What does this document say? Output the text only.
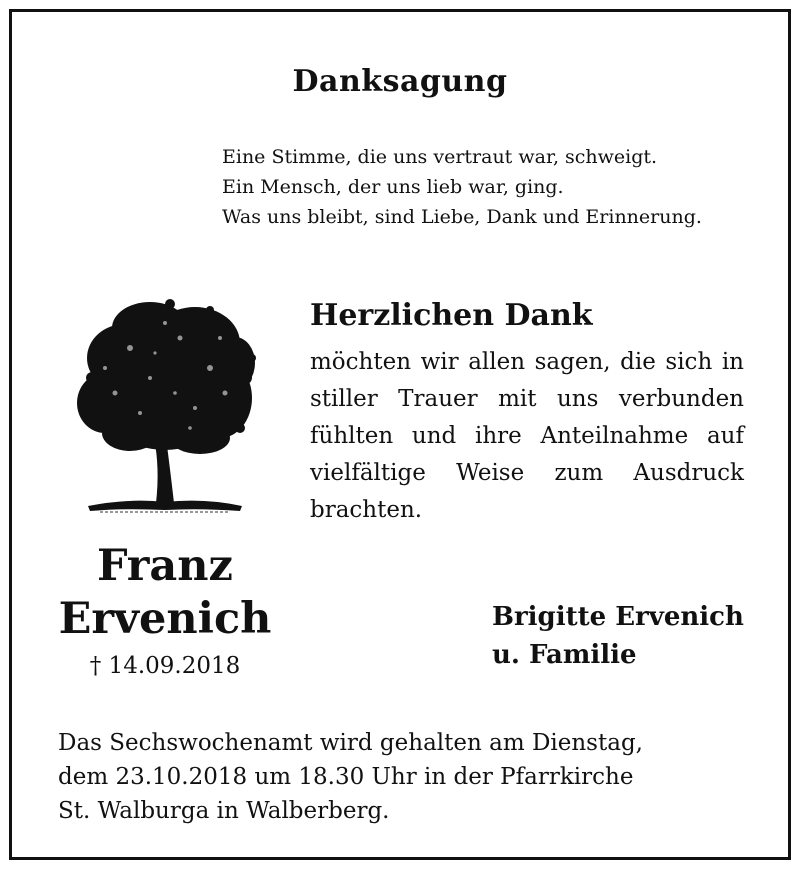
Danksagung
Eine Stimme, die uns vertraut war, schweigt.
Ein Mensch, der uns lieb war, ging.
Was uns bleibt, sind Liebe, Dank und Erinnerung.
Herzlichen Dank
möchten wir allen sagen, die sich in
stiller Trauer mit uns verbunden
fühlten und ihre Anteilnahme auf
vielfältige Weise zum Ausdruck
brachten.
Franz
Ervenich
† 14.09.2018
Brigitte Ervenich
u. Familie
Das Sechswochenamt wird gehalten am Dienstag,
dem 23.10.2018 um 18.30 Uhr in der Pfarrkirche
St. Walburga in Walberberg.
